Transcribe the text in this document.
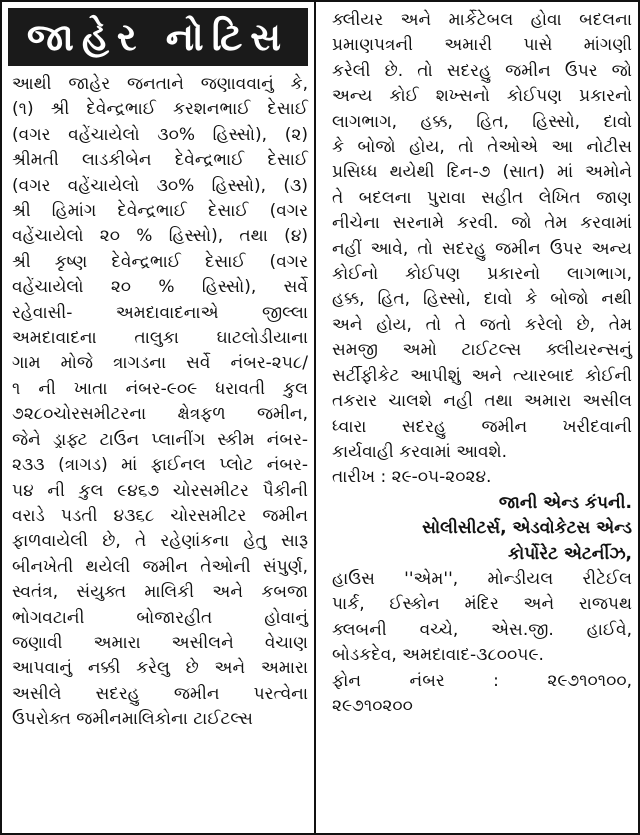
જાહેર નોટિસ
આથી જાહેર જનતાને જણાવવાનું કે,
(૧) શ્રી દેવેન્દ્રભાઈ કરશનભાઈ દેસાઈ
(વગર વહેંચાયેલો ૩૦% હિસ્સો), (૨)
શ્રીમતી લાડકીબેન દેવેન્દ્રભાઈ દેસાઈ
(વગર વહેંચાયેલો ૩૦% હિસ્સો), (૩)
શ્રી હિમાંગ દેવેન્દ્રભાઈ દેસાઈ (વગર
વહેંચાયેલો ૨૦ % હિસ્સો), તથા (૪)
શ્રી કૃષ્ણ દેવેન્દ્રભાઈ દેસાઈ (વગર
વહેંચાયેલો ૨૦ % હિસ્સો), સર્વે
રહેવાસી- અમદાવાદનાએ જીલ્લા
અમદાવાદના તાલુકા ઘાટલોડીયાના
ગામ મોજે ત્રાગડના સર્વે નંબર-૨૫૮/
૧ ની ખાતા નંબર-૯૦૯ ધરાવતી કુલ
૭૨૮૦ચોરસમીટરના ક્ષેત્રફળ જમીન,
જેને ડ્રાફ્ટ ટાઉન પ્લાનીંગ સ્કીમ નંબર-
૨૩૩ (ત્રાગડ) માં ફાઈનલ પ્લોટ નંબર-
૫૪ ની કુલ ૯૪૬૭ ચોરસમીટર પૈકીની
વરાડે પડતી ૪૩૬૮ ચોરસમીટર જમીન
ફાળવાયેલી છે, તે રહેણાંકના હેતુ સારૂ
બીનખેતી થયેલી જમીન તેઓની સંપુર્ણ,
સ્વતંત્ર, સંયુક્ત માલિકી અને કબજા
ભોગવટાની બોજારહીત હોવાનું
જણાવી અમારા અસીલને વેચાણ
આપવાનું નક્કી કરેલુ છે અને અમારા
અસીલે સદરહુ જમીન પરત્વેના
ઉપરોક્ત જમીનમાલિકોના ટાઈટલ્સ
ક્લીયર અને માર્કેટેબલ હોવા બદલના
પ્રમાણપત્રની અમારી પાસે માંગણી
કરેલી છે. તો સદરહુ જમીન ઉપર જો
અન્ય કોઈ શખ્સનો કોઈપણ પ્રકારનો
લાગભાગ, હક્ક, હિત, હિસ્સો, દાવો
કે બોજો હોય, તો તેઓએ આ નોટીસ
પ્રસિધ્ધ થયેથી દિન-૭ (સાત) માં અમોને
તે બદલના પુરાવા સહીત લેખિત જાણ
નીચેના સરનામે કરવી. જો તેમ કરવામાં
નહીં આવે, તો સદરહુ જમીન ઉપર અન્ય
કોઈનો કોઈપણ પ્રકારનો લાગભાગ,
હક્ક, હિત, હિસ્સો, દાવો કે બોજો નથી
અને હોય, તો તે જતો કરેલો છે, તેમ
સમજી અમો ટાઈટલ્સ ક્લીયરન્સનું
સર્ટીફીકેટ આપીશું અને ત્યારબાદ કોઈની
તકરાર ચાલશે નહી તથા અમારા અસીલ
ધ્વારા સદરહુ જમીન ખરીદવાની
કાર્યવાહી કરવામાં આવશે.
તારીખ : ૨૯-૦૫-૨૦૨૪.
જાની એન્ડ કંપની.
સોલીસીટર્સ, એડવોકેટસ એન્ડ
કોર્પોરેટ એટર્નીઝ,
હાઉસ ''એમ'', મોન્ડીયલ રીટેઈલ
પાર્ક, ઈસ્કોન મંદિર અને રાજપથ
ક્લબની વચ્ચે, એસ.જી. હાઈવે,
બોડકદેવ, અમદાવાદ-૩૮૦૦૫૯.
ફોન નંબર : ૨૯૭૧૦૧૦૦,
૨૯૭૧૦૨૦૦
